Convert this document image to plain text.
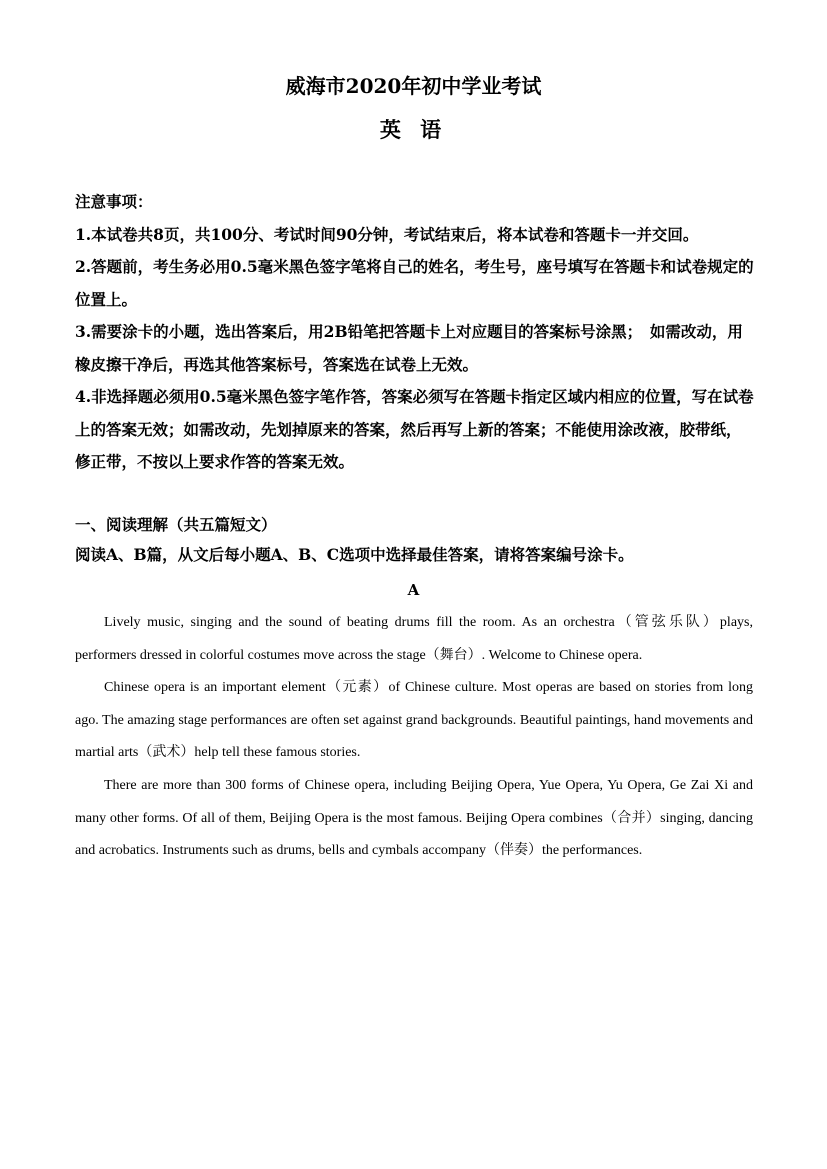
威海市2020年初中学业考试
英 语

注意事项：

1.本试卷共8页，共100分、考试时间90分钟，考试结束后，将本试卷和答题卡一并交回。

2.答题前，考生务必用0.5毫米黑色签字笔将自己的姓名，考生号，座号填写在答题卡和试卷规定的位置上。

3.需要涂卡的小题，选出答案后，用2B铅笔把答题卡上对应题目的答案标号涂黑；　如需改动，用橡皮擦干净后，再选其他答案标号，答案选在试卷上无效。

4.非选择题必须用0.5毫米黑色签字笔作答，答案必须写在答题卡指定区域内相应的位置，写在试卷上的答案无效；如需改动，先划掉原来的答案，然后再写上新的答案；不能使用涂改液，胶带纸，修正带，不按以上要求作答的答案无效。

一、阅读理解（共五篇短文）

阅读A、B篇，从文后每小题A、B、C选项中选择最佳答案，请将答案编号涂卡。

A

Lively music, singing and the sound of beating drums fill the room. As an orchestra（管弦乐队）plays, performers dressed in colorful costumes move across the stage（舞台）. Welcome to Chinese opera.

Chinese opera is an important element（元素）of Chinese culture. Most operas are based on stories from long ago. The amazing stage performances are often set against grand backgrounds. Beautiful paintings, hand movements and martial arts（武术）help tell these famous stories.

There are more than 300 forms of Chinese opera, including Beijing Opera, Yue Opera, Yu Opera, Ge Zai Xi and many other forms. Of all of them, Beijing Opera is the most famous. Beijing Opera combines（合并）singing, dancing and acrobatics. Instruments such as drums, bells and cymbals accompany（伴奏）the performances.
